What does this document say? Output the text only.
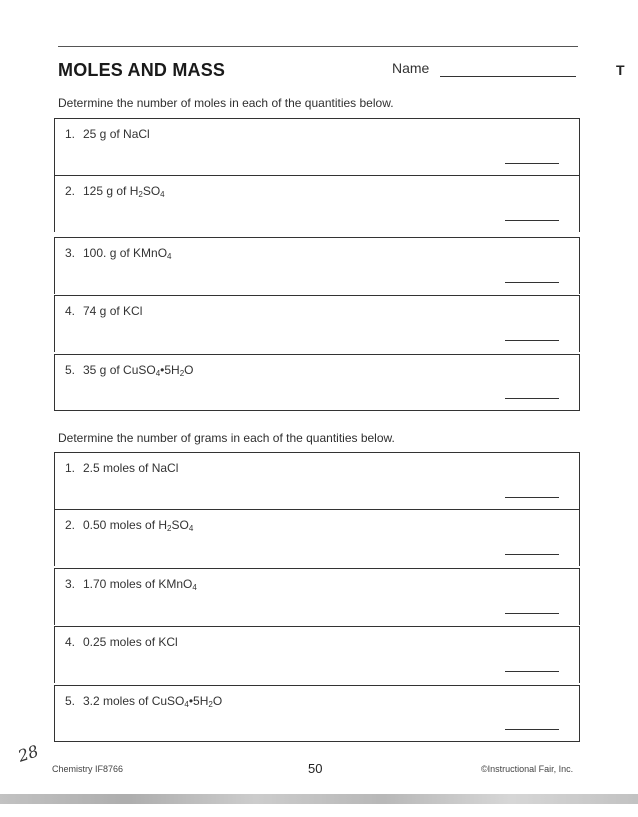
MOLES AND MASS	Name	T
Determine the number of moles in each of the quantities below.
1. 25 g of NaCl
2. 125 g of $H_2SO_4$
3. 100. g of KMnO$_4$
4. 74 g of KCl
5. 35 g of $CuSO_4•5H_2O$
Determine the number of grams in each of the quantities below.
1. 2.5 moles of NaCl
2. 0.50 moles of $H_2SO_4$
3. 1.70 moles of KMnO$_4$
4. 0.25 moles of KCl
5. 3.2 moles of $CuSO_4•5H_2O$
28
Chemistry IF8766	50	©Instructional Fair, Inc.
